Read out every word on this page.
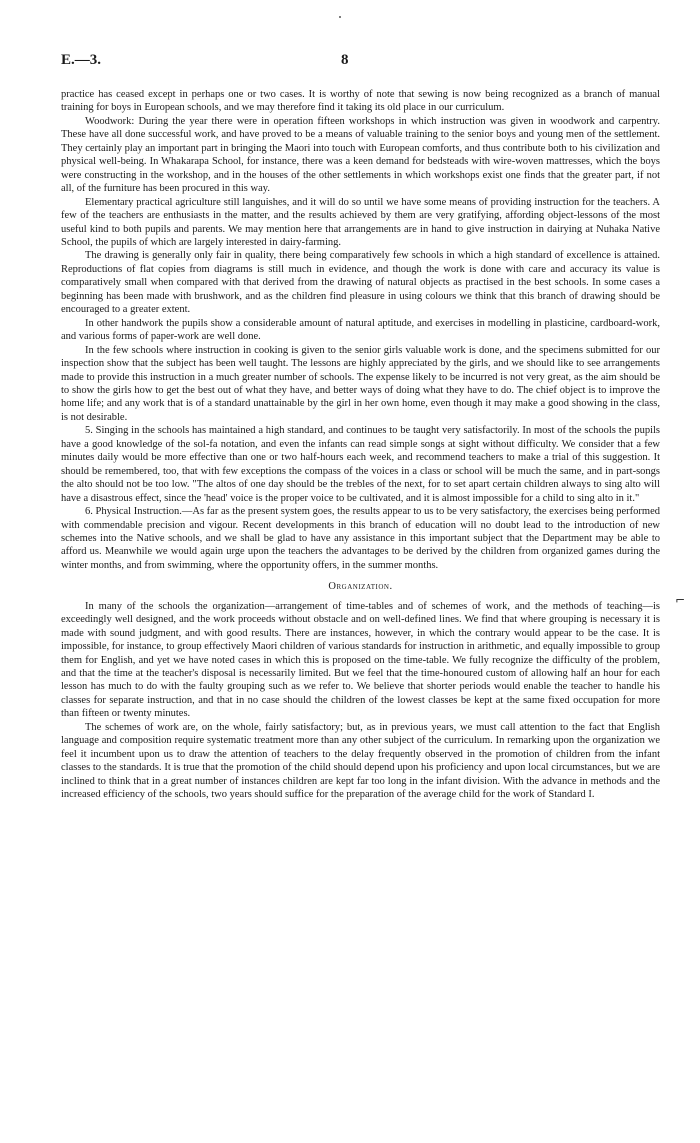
E.—3.	8

practice has ceased except in perhaps one or two cases. It is worthy of note that sewing is now being recognized as a branch of manual training for boys in European schools, and we may therefore find it taking its old place in our curriculum.

Woodwork: During the year there were in operation fifteen workshops in which instruction was given in woodwork and carpentry. These have all done successful work, and have proved to be a means of valuable training to the senior boys and young men of the settlement. They certainly play an important part in bringing the Maori into touch with European comforts, and thus contribute both to his civilization and physical well-being. In Whakarapa School, for instance, there was a keen demand for bedsteads with wire-woven mattresses, which the boys were constructing in the workshop, and in the houses of the other settlements in which workshops exist one finds that the greater part, if not all, of the furniture has been procured in this way.

Elementary practical agriculture still languishes, and it will do so until we have some means of providing instruction for the teachers. A few of the teachers are enthusiasts in the matter, and the results achieved by them are very gratifying, affording object-lessons of the most useful kind to both pupils and parents. We may mention here that arrangements are in hand to give instruction in dairying at Nuhaka Native School, the pupils of which are largely interested in dairy-farming.

The drawing is generally only fair in quality, there being comparatively few schools in which a high standard of excellence is attained. Reproductions of flat copies from diagrams is still much in evidence, and though the work is done with care and accuracy its value is comparatively small when compared with that derived from the drawing of natural objects as practised in the best schools. In some cases a beginning has been made with brushwork, and as the children find pleasure in using colours we think that this branch of drawing should be encouraged to a greater extent.

In other handwork the pupils show a considerable amount of natural aptitude, and exercises in modelling in plasticine, cardboard-work, and various forms of paper-work are well done.

In the few schools where instruction in cooking is given to the senior girls valuable work is done, and the specimens submitted for our inspection show that the subject has been well taught. The lessons are highly appreciated by the girls, and we should like to see arrangements made to provide this instruction in a much greater number of schools. The expense likely to be incurred is not very great, as the aim should be to show the girls how to get the best out of what they have, and better ways of doing what they have to do. The chief object is to improve the home life; and any work that is of a standard unattainable by the girl in her own home, even though it may make a good showing in the class, is not desirable.

5. Singing in the schools has maintained a high standard, and continues to be taught very satisfactorily. In most of the schools the pupils have a good knowledge of the sol-fa notation, and even the infants can read simple songs at sight without difficulty. We consider that a few minutes daily would be more effective than one or two half-hours each week, and recommend teachers to make a trial of this suggestion. It should be remembered, too, that with few exceptions the compass of the voices in a class or school will be much the same, and in part-songs the alto should not be too low. "The altos of one day should be the trebles of the next, for to set apart certain children always to sing alto will have a disastrous effect, since the 'head' voice is the proper voice to be cultivated, and it is almost impossible for a child to sing alto in it."

6. Physical Instruction.—As far as the present system goes, the results appear to us to be very satisfactory, the exercises being performed with commendable precision and vigour. Recent developments in this branch of education will no doubt lead to the introduction of new schemes into the Native schools, and we shall be glad to have any assistance in this important subject that the Department may be able to afford us. Meanwhile we would again urge upon the teachers the advantages to be derived by the children from organized games during the winter months, and from swimming, where the opportunity offers, in the summer months.

Organization.

In many of the schools the organization—arrangement of time-tables and of schemes of work, and the methods of teaching—is exceedingly well designed, and the work proceeds without obstacle and on well-defined lines. We find that where grouping is necessary it is made with sound judgment, and with good results. There are instances, however, in which the contrary would appear to be the case. It is impossible, for instance, to group effectively Maori children of various standards for instruction in arithmetic, and equally impossible to group them for English, and yet we have noted cases in which this is proposed on the time-table. We fully recognize the difficulty of the problem, and that the time at the teacher's disposal is necessarily limited. But we feel that the time-honoured custom of allowing half an hour for each lesson has much to do with the faulty grouping such as we refer to. We believe that shorter periods would enable the teacher to handle his classes for separate instruction, and that in no case should the children of the lowest classes be kept at the same fixed occupation for more than fifteen or twenty minutes.

The schemes of work are, on the whole, fairly satisfactory; but, as in previous years, we must call attention to the fact that English language and composition require systematic treatment more than any other subject of the curriculum. In remarking upon the organization we feel it incumbent upon us to draw the attention of teachers to the delay frequently observed in the promotion of children from the infant classes to the standards. It is true that the promotion of the child should depend upon his proficiency and upon local circumstances, but we are inclined to think that in a great number of instances children are kept far too long in the infant division. With the advance in methods and the increased efficiency of the schools, two years should suffice for the preparation of the average child for the work of Standard I.

⌐
